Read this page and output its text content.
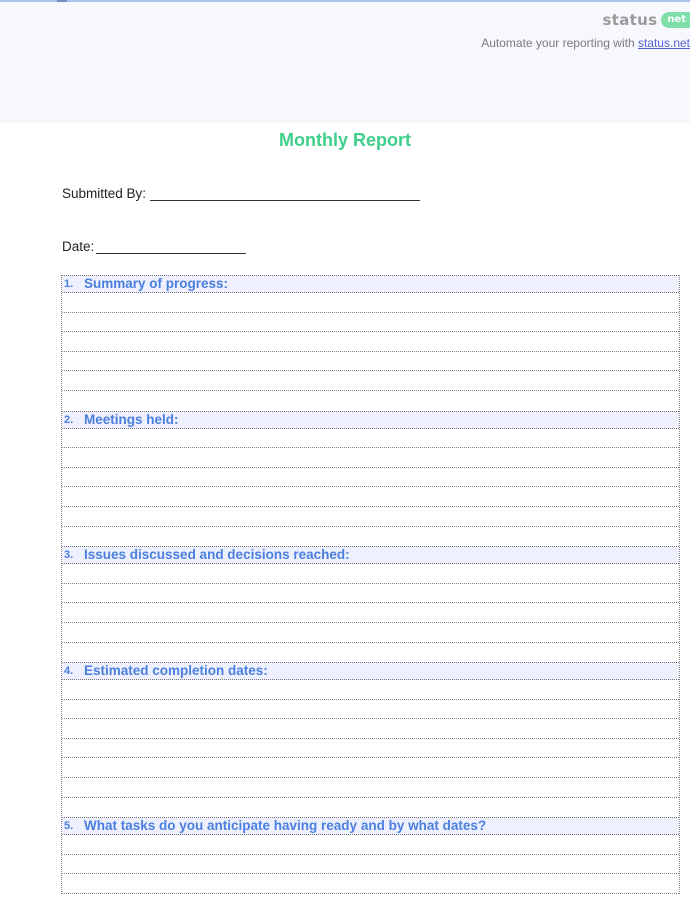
status	net
Automate your reporting with status.net
Monthly Report
Submitted By:
Date:
1. Summary of progress:
2. Meetings held:
3. Issues discussed and decisions reached:
4. Estimated completion dates:
5. What tasks do you anticipate having ready and by what dates?
